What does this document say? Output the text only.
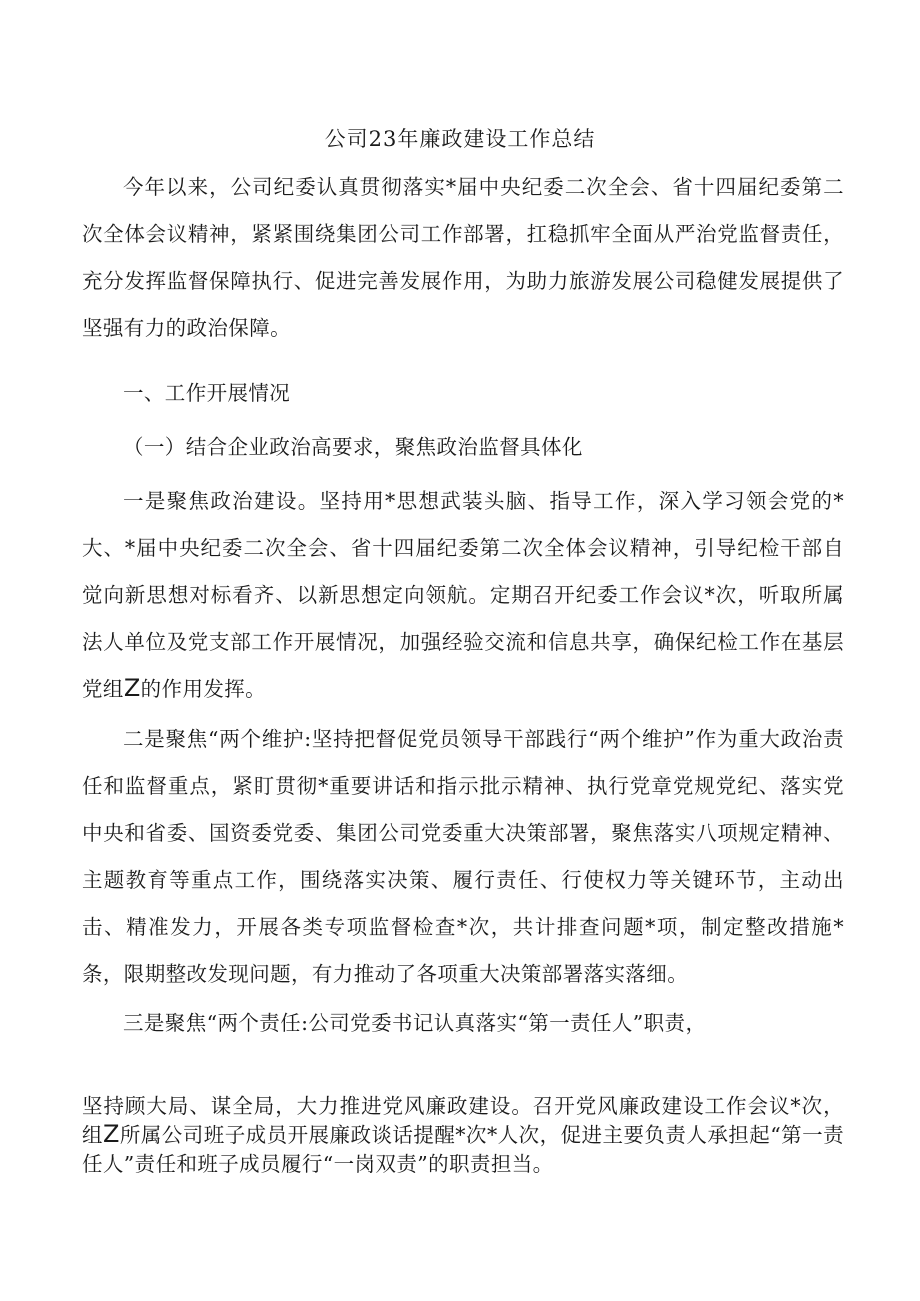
公司23年廉政建设工作总结

今年以来，公司纪委认真贯彻落实*届中央纪委二次全会、省十四届纪委第二次全体会议精神，紧紧围绕集团公司工作部署，扛稳抓牢全面从严治党监督责任，充分发挥监督保障执行、促进完善发展作用，为助力旅游发展公司稳健发展提供了坚强有力的政治保障。

一、工作开展情况

（一）结合企业政治高要求，聚焦政治监督具体化

一是聚焦政治建设。坚持用*思想武装头脑、指导工作，深入学习领会党的*大、*届中央纪委二次全会、省十四届纪委第二次全体会议精神，引导纪检干部自觉向新思想对标看齐、以新思想定向领航。定期召开纪委工作会议*次，听取所属法人单位及党支部工作开展情况，加强经验交流和信息共享，确保纪检工作在基层党组Z的作用发挥。

二是聚焦“两个维护:坚持把督促党员领导干部践行“两个维护”作为重大政治责任和监督重点，紧盯贯彻*重要讲话和指示批示精神、执行党章党规党纪、落实党中央和省委、国资委党委、集团公司党委重大决策部署，聚焦落实八项规定精神、主题教育等重点工作，围绕落实决策、履行责任、行使权力等关键环节，主动出击、精准发力，开展各类专项监督检查*次，共计排查问题*项，制定整改措施*条，限期整改发现问题，有力推动了各项重大决策部署落实落细。

三是聚焦“两个责任:公司党委书记认真落实“第一责任人”职责，

坚持顾大局、谋全局，大力推进党风廉政建设。召开党风廉政建设工作会议*次，组Z所属公司班子成员开展廉政谈话提醒*次*人次，促进主要负责人承担起“第一责任人”责任和班子成员履行“一岗双责”的职责担当。
